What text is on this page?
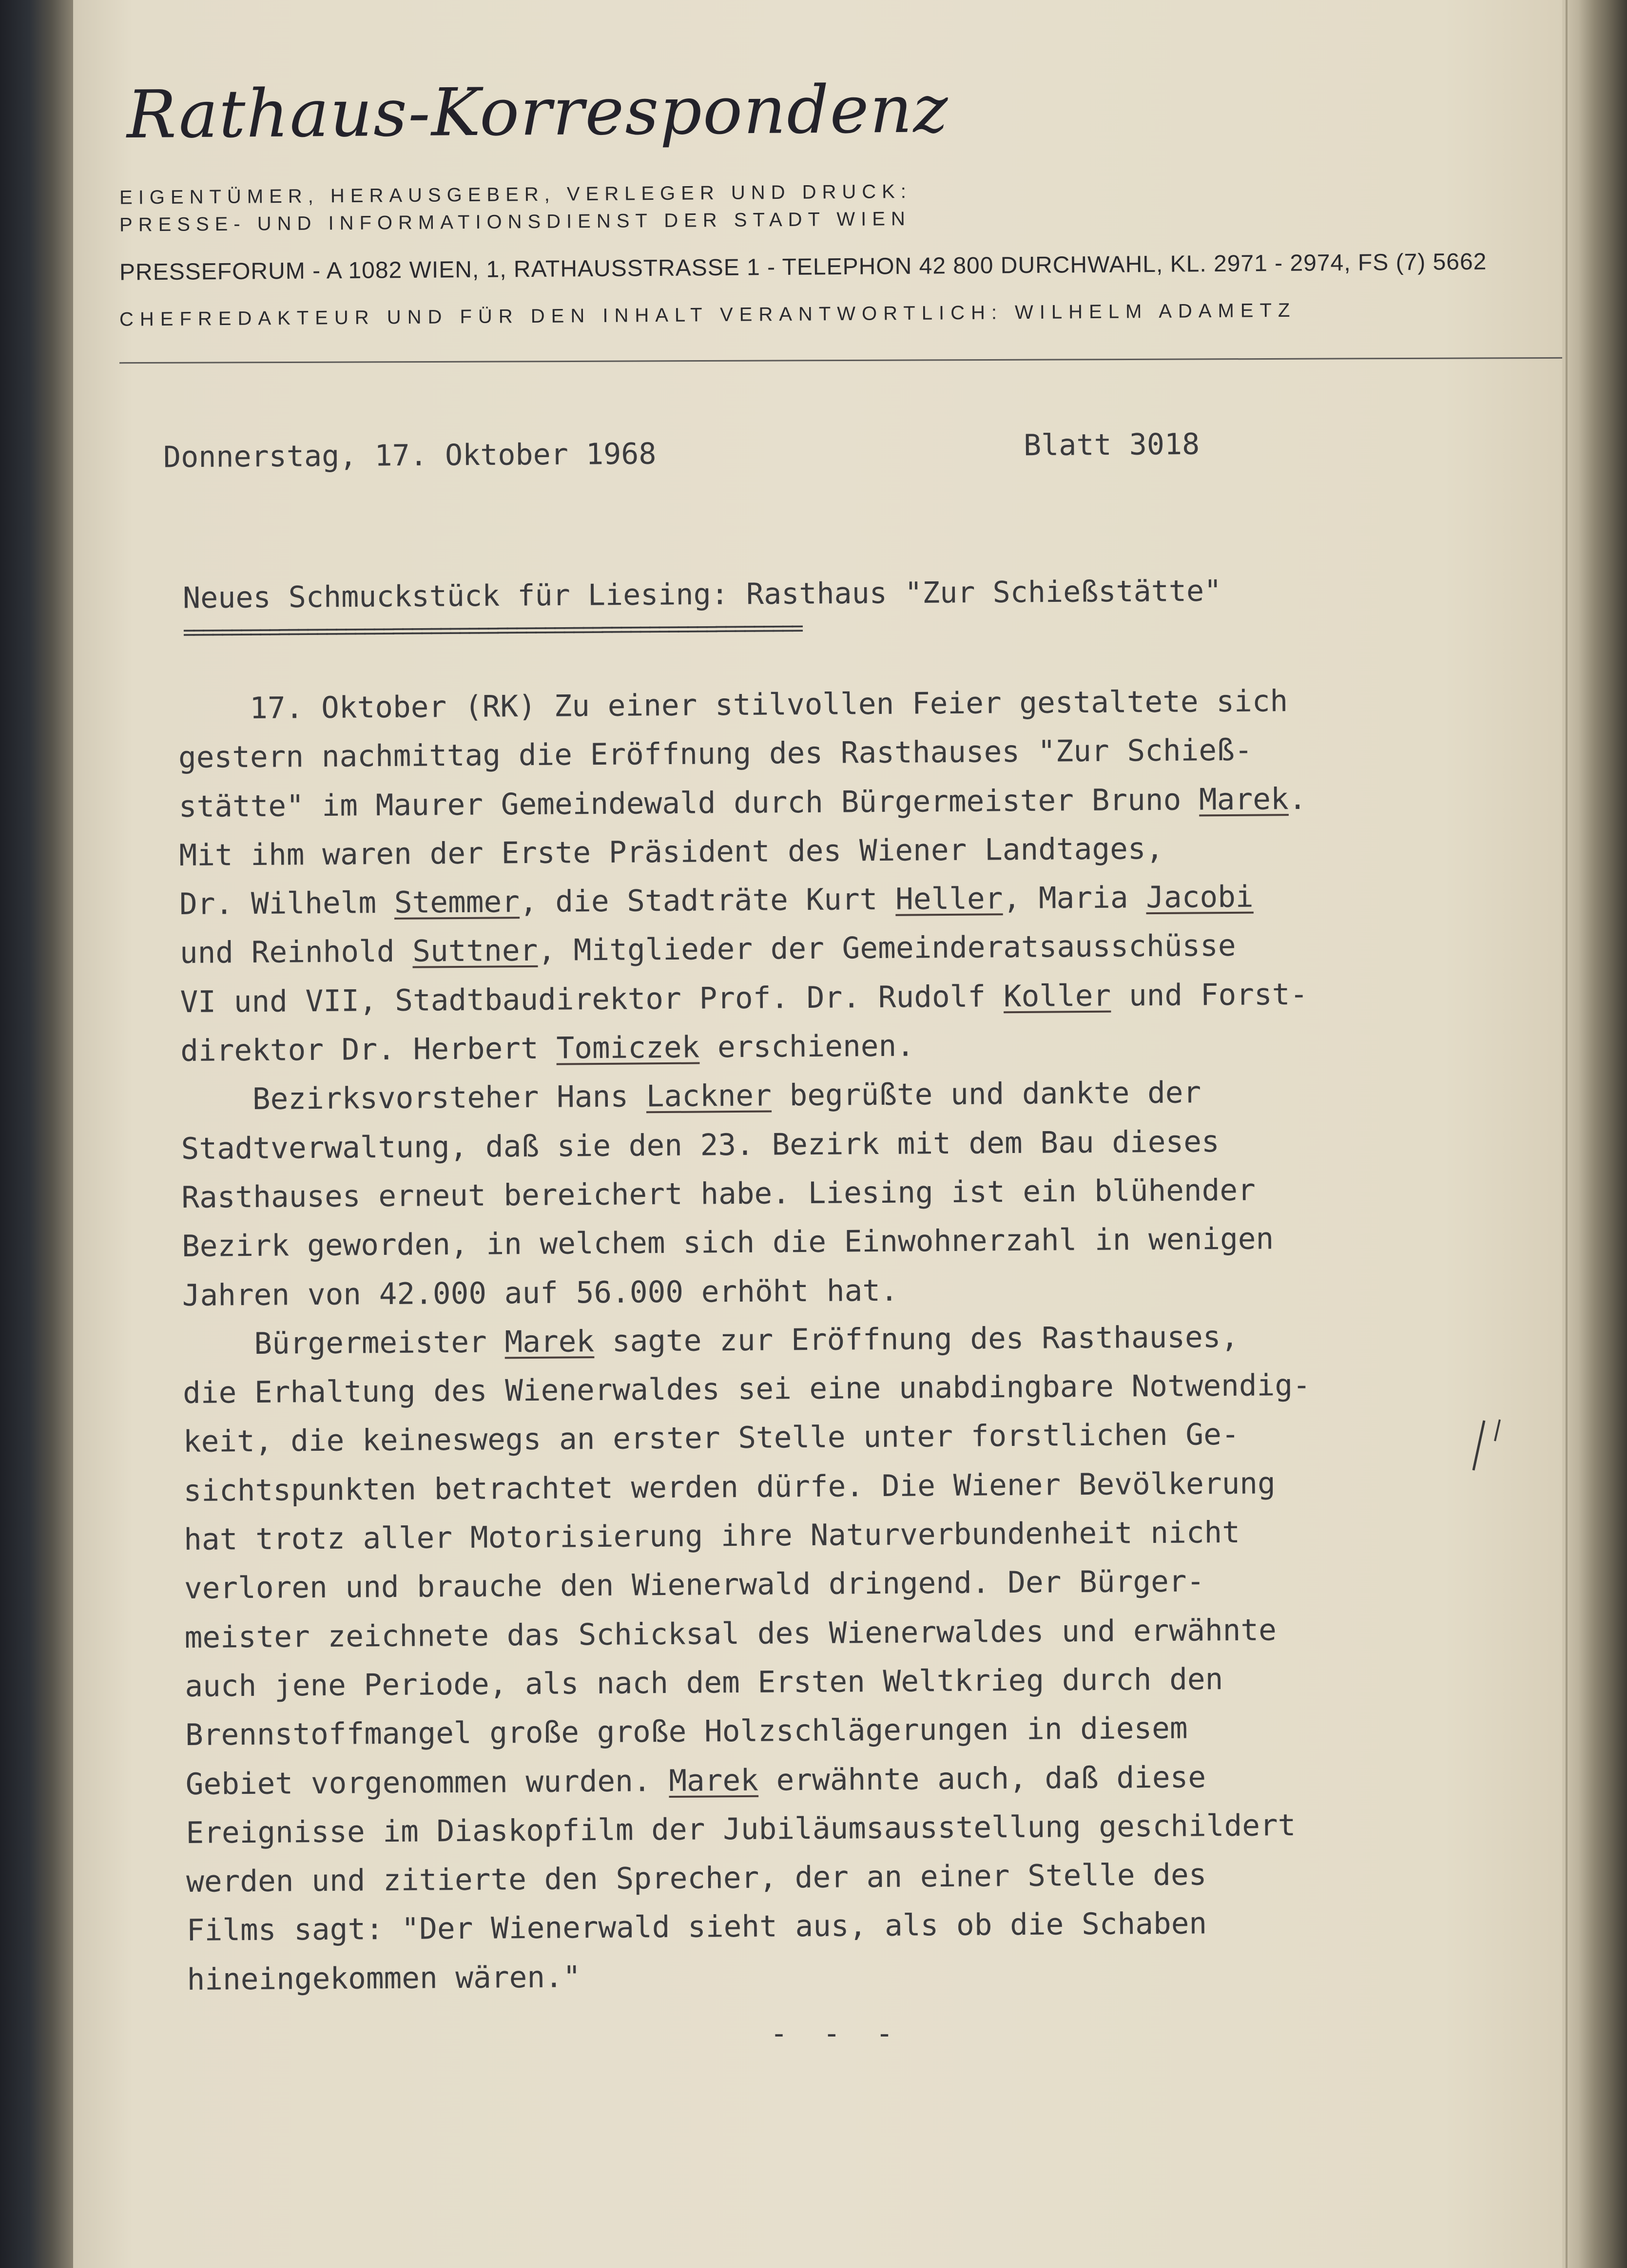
Rathaus-Korrespondenz
EIGENTÜMER, HERAUSGEBER, VERLEGER UND DRUCK:
PRESSE- UND INFORMATIONSDIENST DER STADT WIEN
PRESSEFORUM - A 1082 WIEN, 1, RATHAUSSTRASSE 1 - TELEPHON 42 800 DURCHWAHL, KL. 2971 - 2974, FS (7) 5662
CHEFREDAKTEUR UND FÜR DEN INHALT VERANTWORTLICH: WILHELM ADAMETZ
Donnerstag, 17. Oktober 1968	Blatt 3018
Neues Schmuckstück für Liesing: Rasthaus "Zur Schießstätte"
=================================================================

17. Oktober (RK) Zu einer stilvollen Feier gestaltete sich

gestern nachmittag die Eröffnung des Rasthauses "Zur Schieß-

stätte" im Maurer Gemeindewald durch Bürgermeister Bruno Marek.

Mit ihm waren der Erste Präsident des Wiener Landtages,

Dr. Wilhelm Stemmer, die Stadträte Kurt Heller, Maria Jacobi

und Reinhold Suttner, Mitglieder der Gemeinderatsausschüsse

VI und VII, Stadtbaudirektor Prof. Dr. Rudolf Koller und Forst-

direktor Dr. Herbert Tomiczek erschienen.

Bezirksvorsteher Hans Lackner begrüßte und dankte der

Stadtverwaltung, daß sie den 23. Bezirk mit dem Bau dieses

Rasthauses erneut bereichert habe. Liesing ist ein blühender

Bezirk geworden, in welchem sich die Einwohnerzahl in wenigen

Jahren von 42.000 auf 56.000 erhöht hat.

Bürgermeister Marek sagte zur Eröffnung des Rasthauses,

die Erhaltung des Wienerwaldes sei eine unabdingbare Notwendig-

keit, die keineswegs an erster Stelle unter forstlichen Ge-

sichtspunkten betrachtet werden dürfe. Die Wiener Bevölkerung

hat trotz aller Motorisierung ihre Naturverbundenheit nicht

verloren und brauche den Wienerwald dringend. Der Bürger-

meister zeichnete das Schicksal des Wienerwaldes und erwähnte

auch jene Periode, als nach dem Ersten Weltkrieg durch den

Brennstoffmangel große große Holzschlägerungen in diesem

Gebiet vorgenommen wurden. Marek erwähnte auch, daß diese

Ereignisse im Diaskopfilm der Jubiläumsausstellung geschildert

werden und zitierte den Sprecher, der an einer Stelle des

Films sagt: "Der Wienerwald sieht aus, als ob die Schaben

hineingekommen wären."

- - -
